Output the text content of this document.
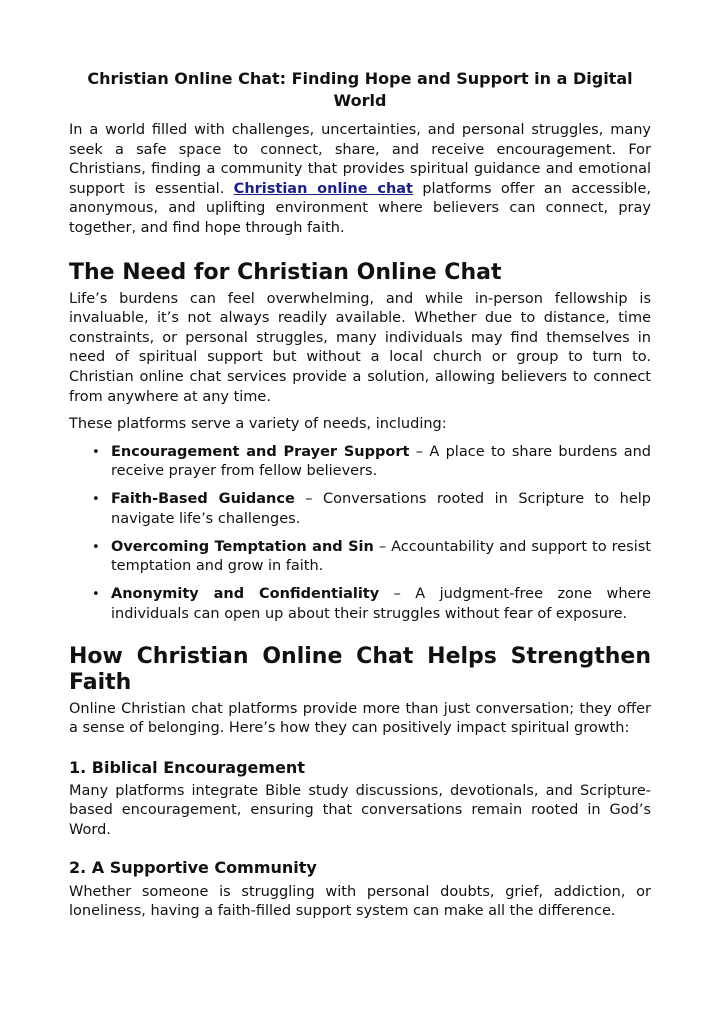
Christian Online Chat: Finding Hope and Support in a Digital World

In a world filled with challenges, uncertainties, and personal struggles, many seek a safe space to connect, share, and receive encouragement. For Christians, finding a community that provides spiritual guidance and emotional support is essential. Christian online chat platforms offer an accessible, anonymous, and uplifting environment where believers can connect, pray together, and find hope through faith.

The Need for Christian Online Chat

Life’s burdens can feel overwhelming, and while in-person fellowship is invaluable, it’s not always readily available. Whether due to distance, time constraints, or personal struggles, many individuals may find themselves in need of spiritual support but without a local church or group to turn to. Christian online chat services provide a solution, allowing believers to connect from anywhere at any time.

These platforms serve a variety of needs, including:

• Encouragement and Prayer Support – A place to share burdens and receive prayer from fellow believers.
• Faith-Based Guidance – Conversations rooted in Scripture to help navigate life’s challenges.
• Overcoming Temptation and Sin – Accountability and support to resist temptation and grow in faith.
• Anonymity and Confidentiality – A judgment-free zone where individuals can open up about their struggles without fear of exposure.
How Christian Online Chat Helps Strengthen Faith

Online Christian chat platforms provide more than just conversation; they offer a sense of belonging. Here’s how they can positively impact spiritual growth:

1. Biblical Encouragement

Many platforms integrate Bible study discussions, devotionals, and Scripture-based encouragement, ensuring that conversations remain rooted in God’s Word.

2. A Supportive Community

Whether someone is struggling with personal doubts, grief, addiction, or loneliness, having a faith-filled support system can make all the difference.
